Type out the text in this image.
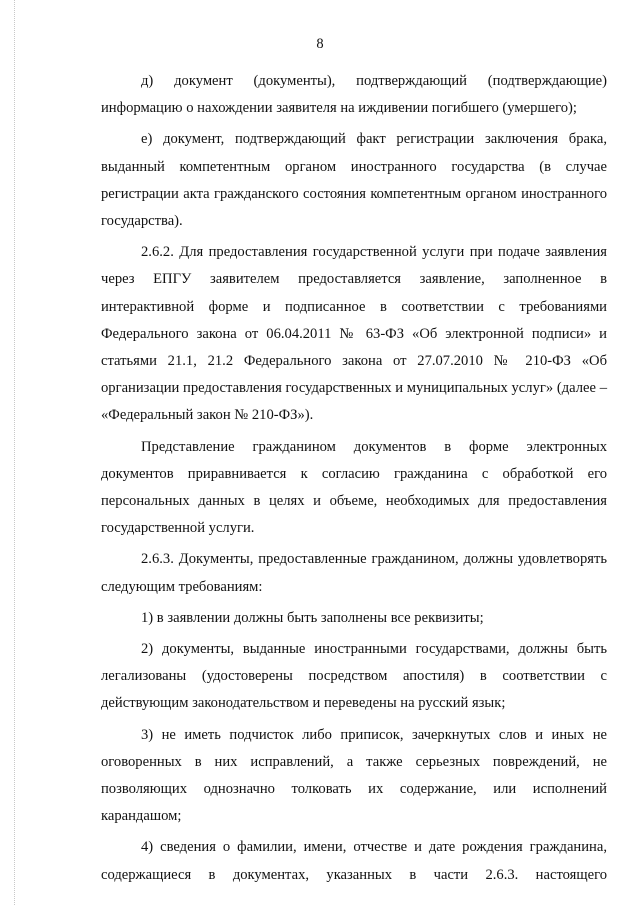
8

д) документ (документы), подтверждающий (подтверждающие) информацию о нахождении заявителя на иждивении погибшего (умершего);

е) документ, подтверждающий факт регистрации заключения брака, выданный компетентным органом иностранного государства (в случае регистрации акта гражданского состояния компетентным органом иностранного государства).

2.6.2. Для предоставления государственной услуги при подаче заявления через ЕПГУ заявителем предоставляется заявление, заполненное в интерактивной форме и подписанное в соответствии с требованиями Федерального закона от 06.04.2011 № 63-ФЗ «Об электронной подписи» и статьями 21.1, 21.2 Федерального закона от 27.07.2010 № 210-ФЗ «Об организации предоставления государственных и муниципальных услуг» (далее – «Федеральный закон № 210-ФЗ»).

Представление гражданином документов в форме электронных документов приравнивается к согласию гражданина с обработкой его персональных данных в целях и объеме, необходимых для предоставления государственной услуги.

2.6.3. Документы, предоставленные гражданином, должны удовлетворять следующим требованиям:

1) в заявлении должны быть заполнены все реквизиты;

2) документы, выданные иностранными государствами, должны быть легализованы (удостоверены посредством апостиля) в соответствии с действующим законодательством и переведены на русский язык;

3) не иметь подчисток либо приписок, зачеркнутых слов и иных не оговоренных в них исправлений, а также серьезных повреждений, не позволяющих однозначно толковать их содержание, или исполнений карандашом;

4) сведения о фамилии, имени, отчестве и дате рождения гражданина, содержащиеся в документах, указанных в части 2.6.3. настоящего
